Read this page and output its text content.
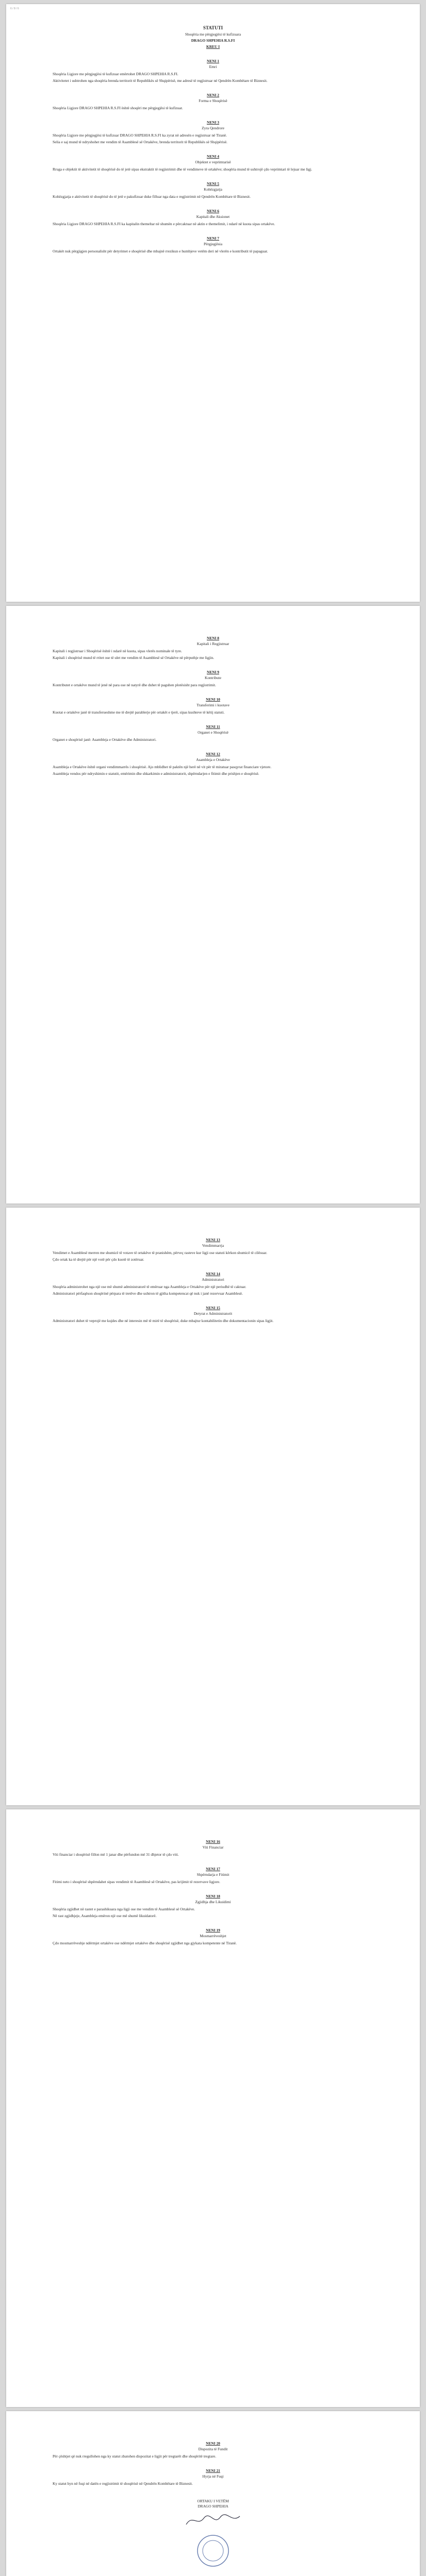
6 / 8 / 6

STATUTI

Shoqëria me përgjegjësi të kufizuara

DRAGO SHPEHIA R.S.FI

KREU I

NENI 1

Emri

Shoqëria Ligjore me përgjegjësi të kufizuar emërtohet DRAGO SHPEHIA R.S.FI.

Aktivitetet i ushtrohen nga shoqëria brenda territorit të Republikës së Shqipërisë, me adresë të regjistruar në Qendrën Kombëtare të Biznesit.

NENI 2

Forma e Shoqërisë

Shoqëria Ligjore DRAGO SHPEHIA R.S.FI është shoqëri me përgjegjësi të kufizuar.

NENI 3

Zyra Qendrore

Shoqëria Ligjore me përgjegjësi të kufizuar DRAGO SHPEHIA R.S.FI ka zyrat në adresën e regjistruar në Tiranë.

Selia e saj mund të ndryshohet me vendim të Asamblesë së Ortakëve, brenda territorit të Republikës së Shqipërisë.

NENI 4

Objektet e veprimtarisë

Rruga e objektit të aktivitetit të shoqërisë do të jetë sipas ekstraktit të regjistrimit dhe të vendimeve të ortakëve; shoqëria mund të ushtrojë çdo veprimtari të lejuar me ligj.

NENI 5

Kohëzgjatja

Kohëzgjatja e aktivitetit të shoqërisë do të jetë e pakufizuar duke filluar nga data e regjistrimit në Qendrën Kombëtare të Biznesit.

NENI 6

Kapitali dhe Aksionet

Shoqëria Ligjore DRAGO SHPEHIA R.S.FI ka kapitalin themeltar në shumën e përcaktuar në aktin e themelimit, i ndarë në kuota sipas ortakëve.

NENI 7

Përgjegjësia

Ortakët nuk përgjigjen personalisht për detyrimet e shoqërisë dhe mbajnë rrezikun e humbjeve vetëm deri në vlerën e kontributit të papaguar.

NENI 8

Kapitali i Regjistruar

Kapitali i regjistruar i Shoqërisë është i ndarë në kuota, sipas vlerës nominale të tyre.

Kapitali i shoqërisë mund të rritet ose të ulet me vendim të Asamblesë së Ortakëve në përputhje me ligjin.

NENI 9

Kontribute

Kontributet e ortakëve mund të jenë në para ose në natyrë dhe duhet të paguhen plotësisht para regjistrimit.

NENI 10

Transferimi i kuotave

Kuotat e ortakëve janë të transferueshme me të drejtë parablerje për ortakët e tjerë, sipas kushteve të këtij statuti.

NENI 11

Organet e Shoqërisë

Organet e shoqërisë janë: Asambleja e Ortakëve dhe Administratori.

NENI 12

Asambleja e Ortakëve

Asambleja e Ortakëve është organi vendimmarrës i shoqërisë. Ajo mblidhet të paktën një herë në vit për të miratuar pasqyrat financiare vjetore.

Asambleja vendos për ndryshimin e statutit, emërimin dhe shkarkimin e administratorit, shpërndarjen e fitimit dhe prishjen e shoqërisë.

NENI 13

Vendimmarrja

Vendimet e Asamblesë merren me shumicë të votave të ortakëve të pranishëm, përveç rasteve kur ligji ose statuti kërkon shumicë të cilësuar.

Çdo ortak ka të drejtë për një votë për çdo kuotë të zotëruar.

NENI 14

Administratori

Shoqëria administrohet nga një ose më shumë administratorë të emëruar nga Asambleja e Ortakëve për një periudhë të caktuar.

Administratori përfaqëson shoqërinë përpara të tretëve dhe ushtron të gjitha kompetencat që nuk i janë rezervuar Asamblesë.

NENI 15

Detyrat e Administratorit

Administratori duhet të veprojë me kujdes dhe në interesin më të mirë të shoqërisë, duke mbajtur kontabilitetin dhe dokumentacionin sipas ligjit.

NENI 16

Viti Financiar

Viti financiar i shoqërisë fillon më 1 janar dhe përfundon më 31 dhjetor të çdo viti.

NENI 17

Shpërndarja e Fitimit

Fitimi neto i shoqërisë shpërndahet sipas vendimit të Asamblesë së Ortakëve, pas krijimit të rezervave ligjore.

NENI 18

Zgjidhja dhe Likuidimi

Shoqëria zgjidhet në rastet e parashikuara nga ligji ose me vendim të Asamblesë së Ortakëve.

Në rast zgjidhjeje, Asambleja emëron një ose më shumë likuidatorë.

NENI 19

Mosmarrëveshjet

Çdo mosmarrëveshje ndërmjet ortakëve ose ndërmjet ortakëve dhe shoqërisë zgjidhet nga gjykata kompetente në Tiranë.

NENI 20

Dispozita të Fundit

Për çështjet që nuk rregullohen nga ky statut zbatohen dispozitat e ligjit për tregtarët dhe shoqëritë tregtare.

NENI 21

Hyrja në Fuqi

Ky statut hyn në fuqi në datën e regjistrimit të shoqërisë në Qendrën Kombëtare të Biznesit.

ORTAKU I VETËM
DRAGO SHPEHIA
